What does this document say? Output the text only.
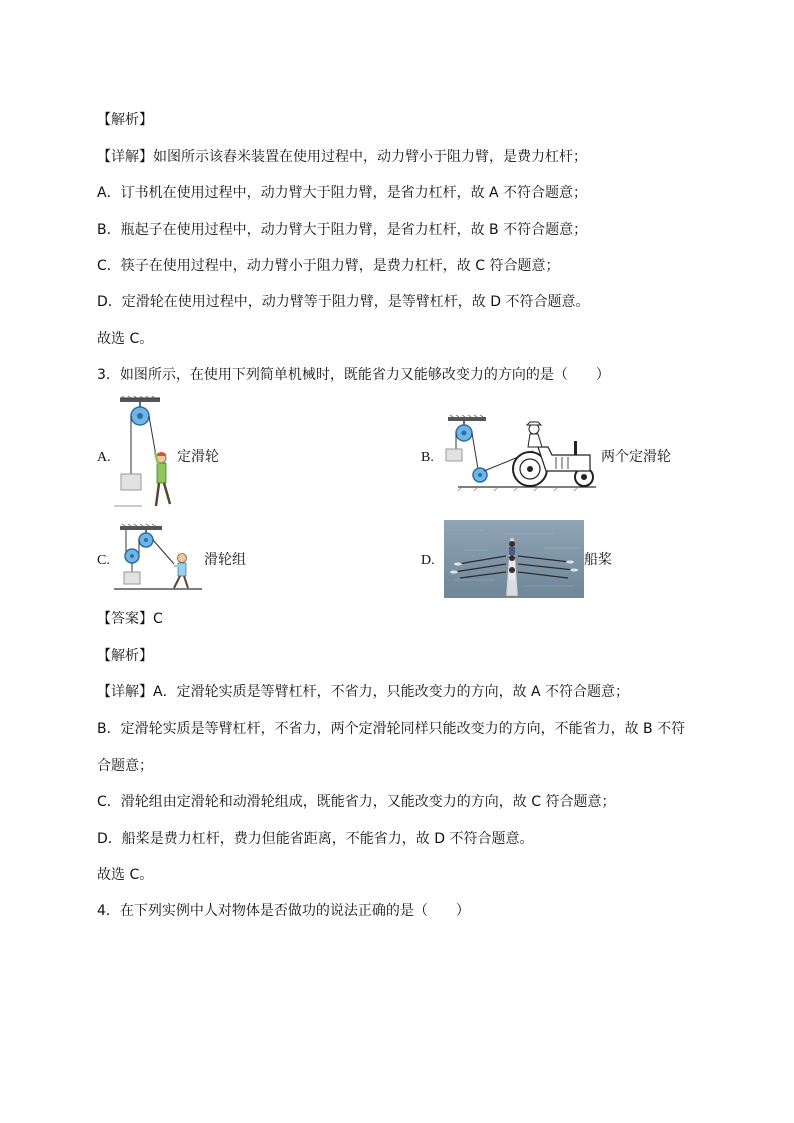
【解析】
【详解】如图所示该舂米装置在使用过程中，动力臂小于阻力臂，是费力杠杆；
A．订书机在使用过程中，动力臂大于阻力臂，是省力杠杆，故 A 不符合题意；
B．瓶起子在使用过程中，动力臂大于阻力臂，是省力杠杆，故 B 不符合题意；
C．筷子在使用过程中，动力臂小于阻力臂，是费力杠杆，故 C 符合题意；
D．定滑轮在使用过程中，动力臂等于阻力臂，是等臂杠杆，故 D 不符合题意。
故选 C。
3．如图所示，在使用下列简单机械时，既能省力又能够改变力的方向的是（　　）
A.	定滑轮	B.	两个定滑轮
C.	滑轮组	D.	船桨
【答案】C
【解析】
【详解】A．定滑轮实质是等臂杠杆，不省力，只能改变力的方向，故 A 不符合题意；
B．定滑轮实质是等臂杠杆，不省力，两个定滑轮同样只能改变力的方向，不能省力，故 B 不符
合题意；
C．滑轮组由定滑轮和动滑轮组成，既能省力，又能改变力的方向，故 C 符合题意；
D．船桨是费力杠杆，费力但能省距离，不能省力，故 D 不符合题意。
故选 C。
4．在下列实例中人对物体是否做功的说法正确的是（　　）
